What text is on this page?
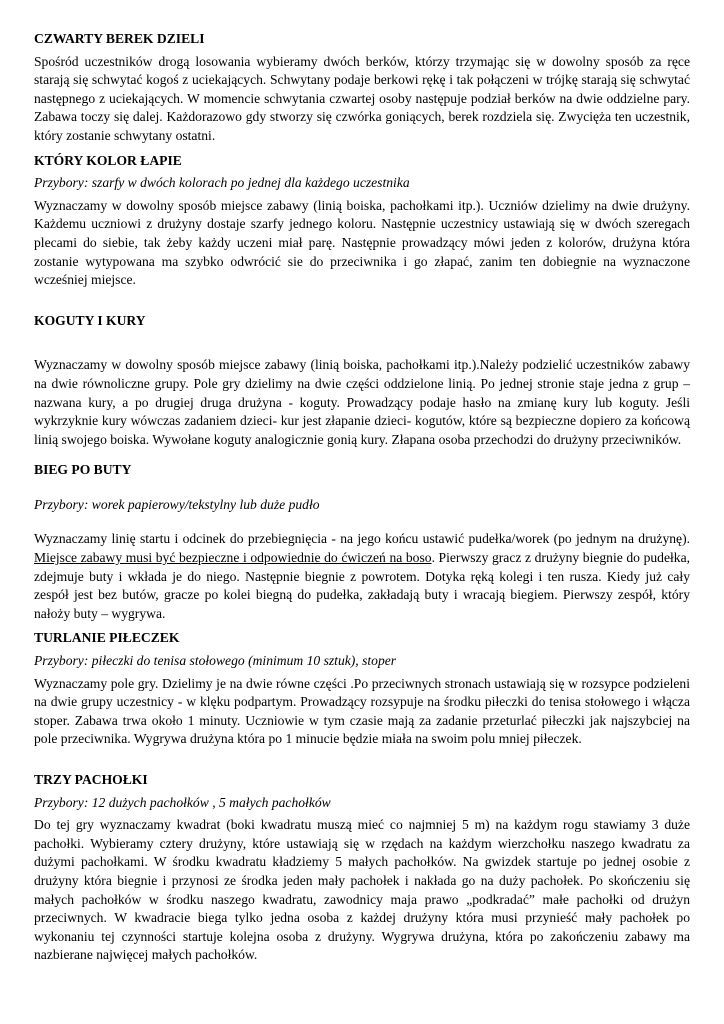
CZWARTY BEREK DZIELI

Spośród uczestników drogą losowania wybieramy dwóch berków, którzy trzymając się w dowolny sposób za ręce starają się schwytać kogoś z uciekających. Schwytany podaje berkowi rękę i tak połączeni w trójkę starają się schwytać następnego z uciekających. W momencie schwytania czwartej osoby następuje podział berków na dwie oddzielne pary. Zabawa toczy się dalej. Każdorazowo gdy stworzy się czwórka goniących, berek rozdziela się. Zwycięża ten uczestnik, który zostanie schwytany ostatni.

KTÓRY KOLOR ŁAPIE

Przybory: szarfy w dwóch kolorach po jednej dla każdego uczestnika

Wyznaczamy w dowolny sposób miejsce zabawy (linią boiska, pachołkami itp.). Uczniów dzielimy na dwie drużyny. Każdemu uczniowi z drużyny dostaje szarfy jednego koloru. Następnie uczestnicy ustawiają się w dwóch szeregach plecami do siebie, tak żeby każdy uczeni miał parę. Następnie prowadzący mówi jeden z kolorów, drużyna która zostanie wytypowana ma szybko odwrócić sie do przeciwnika i go złapać, zanim ten dobiegnie na wyznaczone wcześniej miejsce.

KOGUTY I KURY

Wyznaczamy w dowolny sposób miejsce zabawy (linią boiska, pachołkami itp.).Należy podzielić uczestników zabawy na dwie równoliczne grupy. Pole gry dzielimy na dwie części oddzielone linią. Po jednej stronie staje jedna z grup – nazwana kury, a po drugiej druga drużyna - koguty. Prowadzący podaje hasło na zmianę kury lub koguty. Jeśli wykrzyknie kury wówczas zadaniem dzieci- kur jest złapanie dzieci- kogutów, które są bezpieczne dopiero za końcową linią swojego boiska. Wywołane koguty analogicznie gonią kury. Złapana osoba przechodzi do drużyny przeciwników.

BIEG PO BUTY

Przybory: worek papierowy/tekstylny lub duże pudło

Wyznaczamy linię startu i odcinek do przebiegnięcia - na jego końcu ustawić pudełka/worek (po jednym na drużynę). Miejsce zabawy musi być bezpieczne i odpowiednie do ćwiczeń na boso. Pierwszy gracz z drużyny biegnie do pudełka, zdejmuje buty i wkłada je do niego. Następnie biegnie z powrotem. Dotyka ręką kolegi i ten rusza. Kiedy już cały zespół jest bez butów, gracze po kolei biegną do pudełka, zakładają buty i wracają biegiem. Pierwszy zespół, który nałoży buty – wygrywa.

TURLANIE PIŁECZEK

Przybory: piłeczki do tenisa stołowego (minimum 10 sztuk), stoper

Wyznaczamy pole gry. Dzielimy je na dwie równe części .Po przeciwnych stronach ustawiają się w rozsypce podzieleni na dwie grupy uczestnicy - w klęku podpartym. Prowadzący rozsypuje na środku piłeczki do tenisa stołowego i włącza stoper. Zabawa trwa około 1 minuty. Uczniowie w tym czasie mają za zadanie przeturlać piłeczki jak najszybciej na pole przeciwnika. Wygrywa drużyna która po 1 minucie będzie miała na swoim polu mniej piłeczek.

TRZY PACHOŁKI

Przybory: 12 dużych pachołków , 5 małych pachołków

Do tej gry wyznaczamy kwadrat (boki kwadratu muszą mieć co najmniej 5 m) na każdym rogu stawiamy 3 duże pachołki. Wybieramy cztery drużyny, które ustawiają się w rzędach na każdym wierzchołku naszego kwadratu za dużymi pachołkami. W środku kwadratu kładziemy 5 małych pachołków. Na gwizdek startuje po jednej osobie z drużyny która biegnie i przynosi ze środka jeden mały pachołek i nakłada go na duży pachołek. Po skończeniu się małych pachołków w środku naszego kwadratu, zawodnicy maja prawo „podkradać” małe pachołki od drużyn przeciwnych. W kwadracie biega tylko jedna osoba z każdej drużyny która musi przynieść mały pachołek po wykonaniu tej czynności startuje kolejna osoba z drużyny. Wygrywa drużyna, która po zakończeniu zabawy ma nazbierane najwięcej małych pachołków.
